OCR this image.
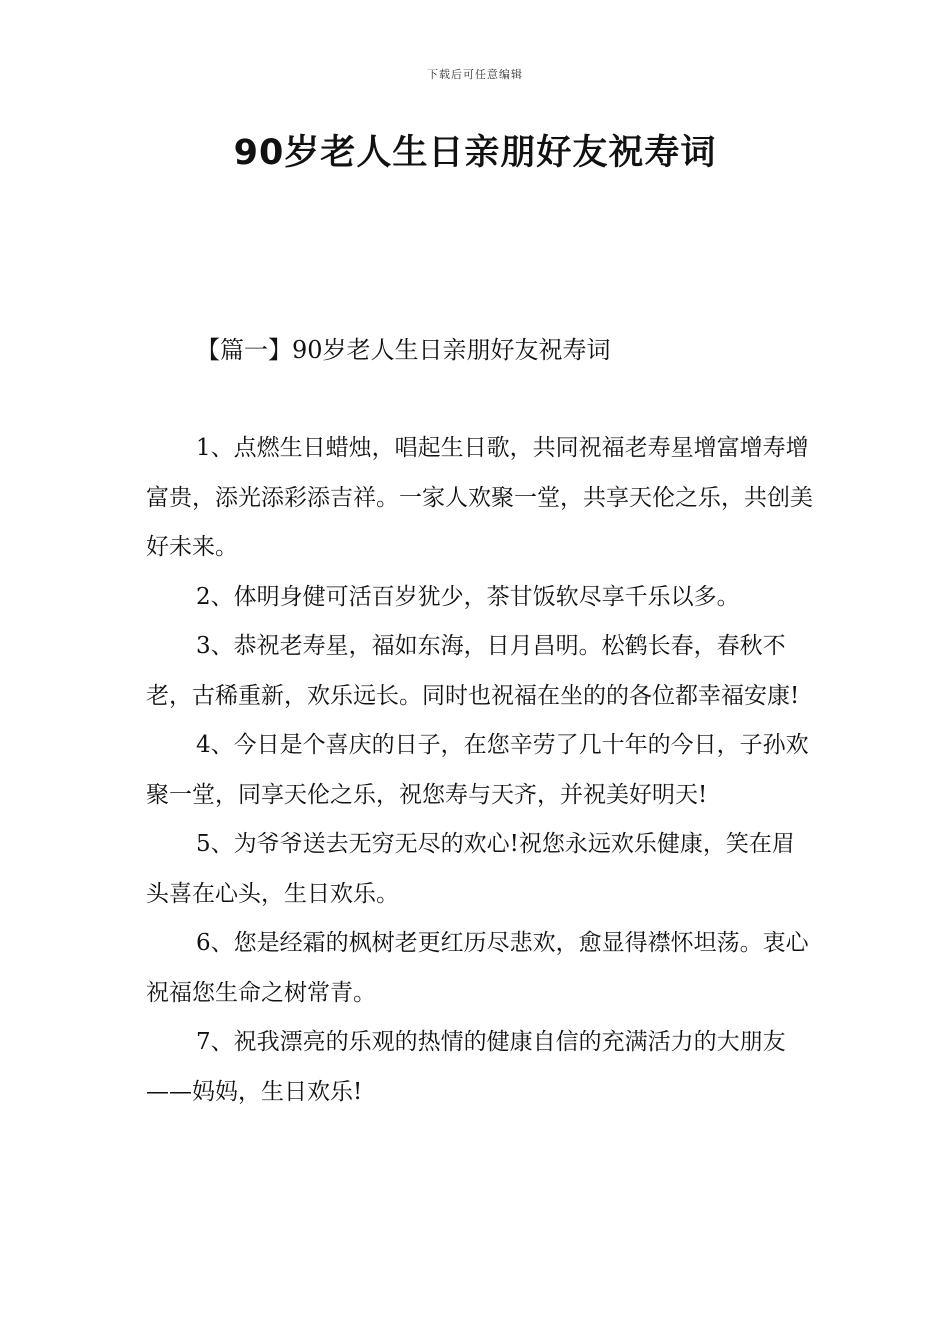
下载后可任意编辑
90岁老人生日亲朋好友祝寿词
【篇一】90岁老人生日亲朋好友祝寿词

1、点燃生日蜡烛，唱起生日歌，共同祝福老寿星增富增寿增富贵，添光添彩添吉祥。一家人欢聚一堂，共享天伦之乐，共创美好未来。

2、体明身健可活百岁犹少，茶甘饭软尽享千乐以多。

3、恭祝老寿星，福如东海，日月昌明。松鹤长春，春秋不老，古稀重新，欢乐远长。同时也祝福在坐的的各位都幸福安康!

4、今日是个喜庆的日子，在您辛劳了几十年的今日，子孙欢聚一堂，同享天伦之乐，祝您寿与天齐，并祝美好明天!

5、为爷爷送去无穷无尽的欢心!祝您永远欢乐健康，笑在眉头喜在心头，生日欢乐。

6、您是经霜的枫树老更红历尽悲欢，愈显得襟怀坦荡。衷心祝福您生命之树常青。

7、祝我漂亮的乐观的热情的健康自信的充满活力的大朋友——妈妈，生日欢乐!
